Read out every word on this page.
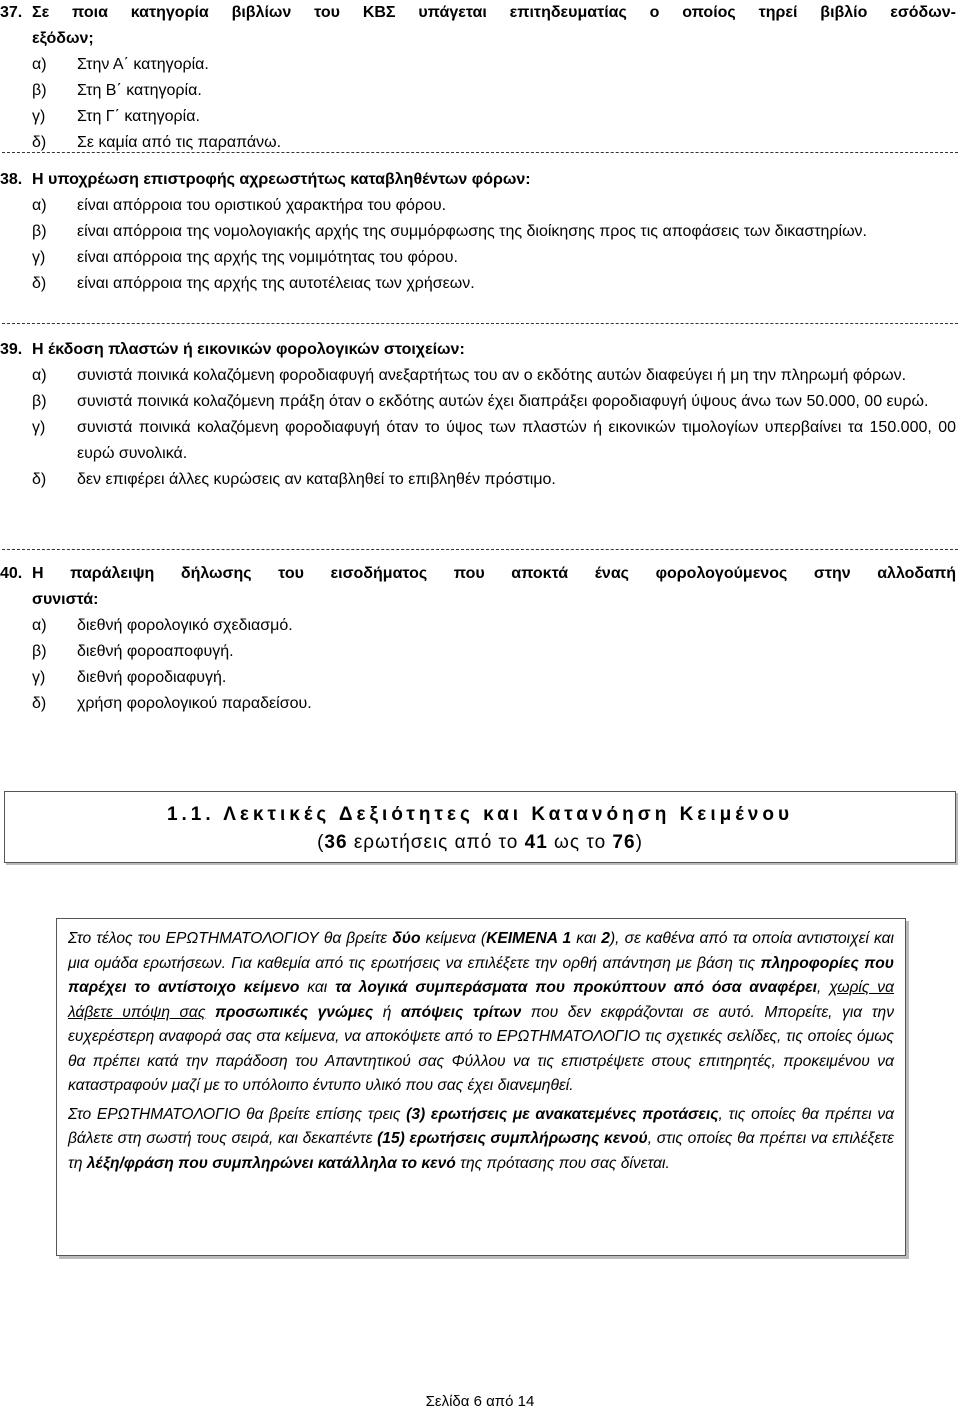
37. Σε ποια κατηγορία βιβλίων του ΚΒΣ υπάγεται επιτηδευματίας ο οποίος τηρεί βιβλίο εσόδων-
εξόδων;
α) Στην Α΄ κατηγορία.
β) Στη Β΄ κατηγορία.
γ) Στη Γ΄ κατηγορία.
δ) Σε καμία από τις παραπάνω.
38. Η υποχρέωση επιστροφής αχρεωστήτως καταβληθέντων φόρων:
α) είναι απόρροια του οριστικού χαρακτήρα του φόρου.
β) είναι απόρροια της νομολογιακής αρχής της συμμόρφωσης της διοίκησης προς τις αποφάσεις των δικαστηρίων.
γ) είναι απόρροια της αρχής της νομιμότητας του φόρου.
δ) είναι απόρροια της αρχής της αυτοτέλειας των χρήσεων.
39. Η έκδοση πλαστών ή εικονικών φορολογικών στοιχείων:
α) συνιστά ποινικά κολαζόμενη φοροδιαφυγή ανεξαρτήτως του αν ο εκδότης αυτών διαφεύγει ή μη την πληρωμή φόρων.
β) συνιστά ποινικά κολαζόμενη πράξη όταν ο εκδότης αυτών έχει διαπράξει φοροδιαφυγή ύψους άνω των 50.000, 00 ευρώ.
γ) συνιστά ποινικά κολαζόμενη φοροδιαφυγή όταν το ύψος των πλαστών ή εικονικών τιμολογίων υπερβαίνει τα 150.000, 00 ευρώ συνολικά.
δ) δεν επιφέρει άλλες κυρώσεις αν καταβληθεί το επιβληθέν πρόστιμο.
40. Η παράλειψη δήλωσης του εισοδήματος που αποκτά ένας φορολογούμενος στην αλλοδαπή
συνιστά:
α) διεθνή φορολογικό σχεδιασμό.
β) διεθνή φοροαποφυγή.
γ) διεθνή φοροδιαφυγή.
δ) χρήση φορολογικού παραδείσου.
1.1. Λεκτικές Δεξιότητες και Κατανόηση Κειμένου
(36 ερωτήσεις από το 41 ως το 76)

Στο τέλος του ΕΡΩΤΗΜΑΤΟΛΟΓΙΟΥ θα βρείτε δύο κείμενα (ΚΕΙΜΕΝΑ 1 και 2), σε καθένα από τα οποία αντιστοιχεί και μια ομάδα ερωτήσεων. Για καθεμία από τις ερωτήσεις να επιλέξετε την ορθή απάντηση με βάση τις πληροφορίες που παρέχει το αντίστοιχο κείμενο και τα λογικά συμπεράσματα που προκύπτουν από όσα αναφέρει, χωρίς να λάβετε υπόψη σας προσωπικές γνώμες ή απόψεις τρίτων που δεν εκφράζονται σε αυτό. Μπορείτε, για την ευχερέστερη αναφορά σας στα κείμενα, να αποκόψετε από το ΕΡΩΤΗΜΑΤΟΛΟΓΙΟ τις σχετικές σελίδες, τις οποίες όμως θα πρέπει κατά την παράδοση του Απαντητικού σας Φύλλου να τις επιστρέψετε στους επιτηρητές, προκειμένου να καταστραφούν μαζί με το υπόλοιπο έντυπο υλικό που σας έχει διανεμηθεί.

Στο ΕΡΩΤΗΜΑΤΟΛΟΓΙΟ θα βρείτε επίσης τρεις (3) ερωτήσεις με ανακατεμένες προτάσεις, τις οποίες θα πρέπει να βάλετε στη σωστή τους σειρά, και δεκαπέντε (15) ερωτήσεις συμπλήρωσης κενού, στις οποίες θα πρέπει να επιλέξετε τη λέξη/φράση που συμπληρώνει κατάλληλα το κενό της πρότασης που σας δίνεται.

Σελίδα 6 από 14
